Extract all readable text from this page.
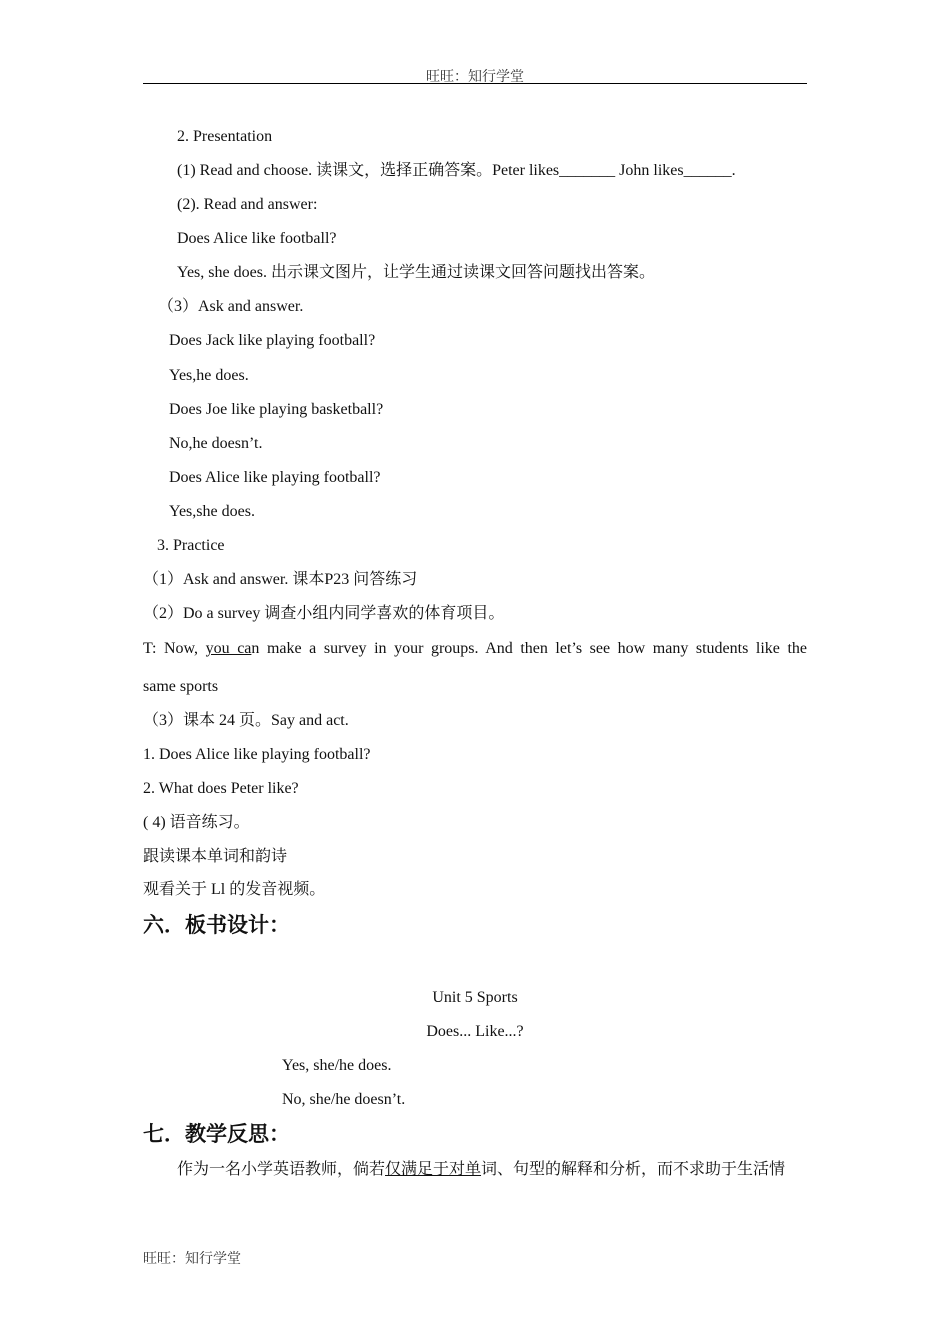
旺旺：知行学堂
2. Presentation
(1) Read and choose. 读课文，选择正确答案。Peter likes_______ John likes______.
(2). Read and answer:
Does Alice like football?
Yes, she does. 出示课文图片，让学生通过读课文回答问题找出答案。
（3）Ask and answer.
Does Jack like playing football?
Yes,he does.
Does Joe like playing basketball?
No,he doesn’t.
Does Alice like playing football?
Yes,she does.
3. Practice
（1）Ask and answer. 课本P23 问答练习
（2）Do a survey 调查小组内同学喜欢的体育项目。
T: Now, you can make a survey in your groups. And then let’s see how many students like the
same sports
（3）课本 24 页。Say and act.
1. Does Alice like playing football?
2. What does Peter like?
( 4) 语音练习。
跟读课本单词和韵诗
观看关于 Ll 的发音视频。
六．板书设计：
Unit 5 Sports
Does... Like...?
Yes, she/he does.
No, she/he doesn’t.
七．教学反思：
作为一名小学英语教师，倘若仅满足于对单词、句型的解释和分析，而不求助于生活情
旺旺：知行学堂
